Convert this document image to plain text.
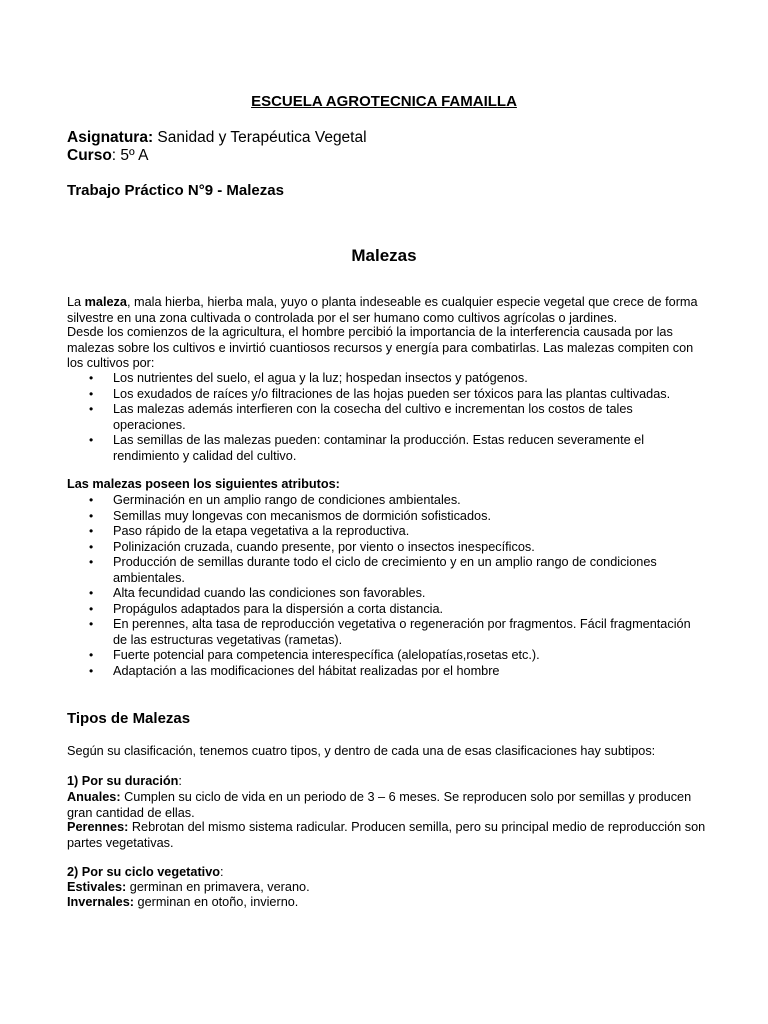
ESCUELA AGROTECNICA FAMAILLA
Asignatura: Sanidad y Terapéutica Vegetal
Curso: 5º A
Trabajo Práctico N°9 - Malezas
Malezas

La maleza, mala hierba, hierba mala, yuyo o planta indeseable es cualquier especie vegetal que crece de forma silvestre en una zona cultivada o controlada por el ser humano como cultivos agrícolas o jardines.

Desde los comienzos de la agricultura, el hombre percibió la importancia de la interferencia causada por las malezas sobre los cultivos e invirtió cuantiosos recursos y energía para combatirlas. Las malezas compiten con los cultivos por:

• Los nutrientes del suelo, el agua y la luz; hospedan insectos y patógenos.
• Los exudados de raíces y/o filtraciones de las hojas pueden ser tóxicos para las plantas cultivadas.
• Las malezas además interfieren con la cosecha del cultivo e incrementan los costos de tales operaciones.
• Las semillas de las malezas pueden: contaminar la producción. Estas reducen severamente el rendimiento y calidad del cultivo.

Las malezas poseen los siguientes atributos:

• Germinación en un amplio rango de condiciones ambientales.
• Semillas muy longevas con mecanismos de dormición sofisticados.
• Paso rápido de la etapa vegetativa a la reproductiva.
• Polinización cruzada, cuando presente, por viento o insectos inespecíficos.
• Producción de semillas durante todo el ciclo de crecimiento y en un amplio rango de condiciones ambientales.
• Alta fecundidad cuando las condiciones son favorables.
• Propágulos adaptados para la dispersión a corta distancia.
• En perennes, alta tasa de reproducción vegetativa o regeneración por fragmentos. Fácil fragmentación de las estructuras vegetativas (rametas).
• Fuerte potencial para competencia interespecífica (alelopatías,rosetas etc.).
• Adaptación a las modificaciones del hábitat realizadas por el hombre
Tipos de Malezas

Según su clasificación, tenemos cuatro tipos, y dentro de cada una de esas clasificaciones hay subtipos:

1) Por su duración:

Anuales: Cumplen su ciclo de vida en un periodo de 3 – 6 meses. Se reproducen solo por semillas y producen gran cantidad de ellas.

Perennes: Rebrotan del mismo sistema radicular. Producen semilla, pero su principal medio de reproducción son partes vegetativas.

2) Por su ciclo vegetativo:

Estivales: germinan en primavera, verano.

Invernales: germinan en otoño, invierno.
